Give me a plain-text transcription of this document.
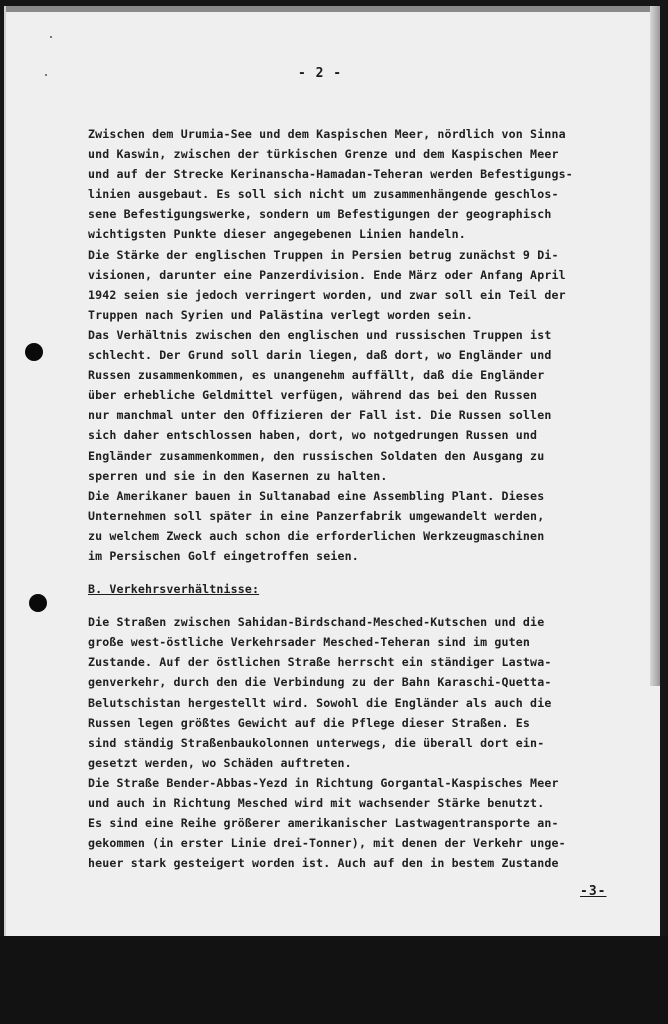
- 2 -
Zwischen dem Urumia-See und dem Kaspischen Meer, nördlich von Sinna
und Kaswin, zwischen der türkischen Grenze und dem Kaspischen Meer
und auf der Strecke Kerinanscha-Hamadan-Teheran werden Befestigungs-
linien ausgebaut. Es soll sich nicht um zusammenhängende geschlos-
sene Befestigungswerke, sondern um Befestigungen der geographisch
wichtigsten Punkte dieser angegebenen Linien handeln.
Die Stärke der englischen Truppen in Persien betrug zunächst 9 Di-
visionen, darunter eine Panzerdivision. Ende März oder Anfang April
1942 seien sie jedoch verringert worden, und zwar soll ein Teil der
Truppen nach Syrien und Palästina verlegt worden sein.
Das Verhältnis zwischen den englischen und russischen Truppen ist
schlecht. Der Grund soll darin liegen, daß dort, wo Engländer und
Russen zusammenkommen, es unangenehm auffällt, daß die Engländer
über erhebliche Geldmittel verfügen, während das bei den Russen
nur manchmal unter den Offizieren der Fall ist. Die Russen sollen
sich daher entschlossen haben, dort, wo notgedrungen Russen und
Engländer zusammenkommen, den russischen Soldaten den Ausgang zu
sperren und sie in den Kasernen zu halten.
Die Amerikaner bauen in Sultanabad eine Assembling Plant. Dieses
Unternehmen soll später in eine Panzerfabrik umgewandelt werden,
zu welchem Zweck auch schon die erforderlichen Werkzeugmaschinen
im Persischen Golf eingetroffen seien.
B. Verkehrsverhältnisse:
Die Straßen zwischen Sahidan-Birdschand-Mesched-Kutschen und die
große west-östliche Verkehrsader Mesched-Teheran sind im guten
Zustande. Auf der östlichen Straße herrscht ein ständiger Lastwa-
genverkehr, durch den die Verbindung zu der Bahn Karaschi-Quetta-
Belutschistan hergestellt wird. Sowohl die Engländer als auch die
Russen legen größtes Gewicht auf die Pflege dieser Straßen. Es
sind ständig Straßenbaukolonnen unterwegs, die überall dort ein-
gesetzt werden, wo Schäden auftreten.
Die Straße Bender-Abbas-Yezd in Richtung Gorgantal-Kaspisches Meer
und auch in Richtung Mesched wird mit wachsender Stärke benutzt.
Es sind eine Reihe größerer amerikanischer Lastwagentransporte an-
gekommen (in erster Linie drei-Tonner), mit denen der Verkehr unge-
heuer stark gesteigert worden ist. Auch auf den in bestem Zustande
-3-
